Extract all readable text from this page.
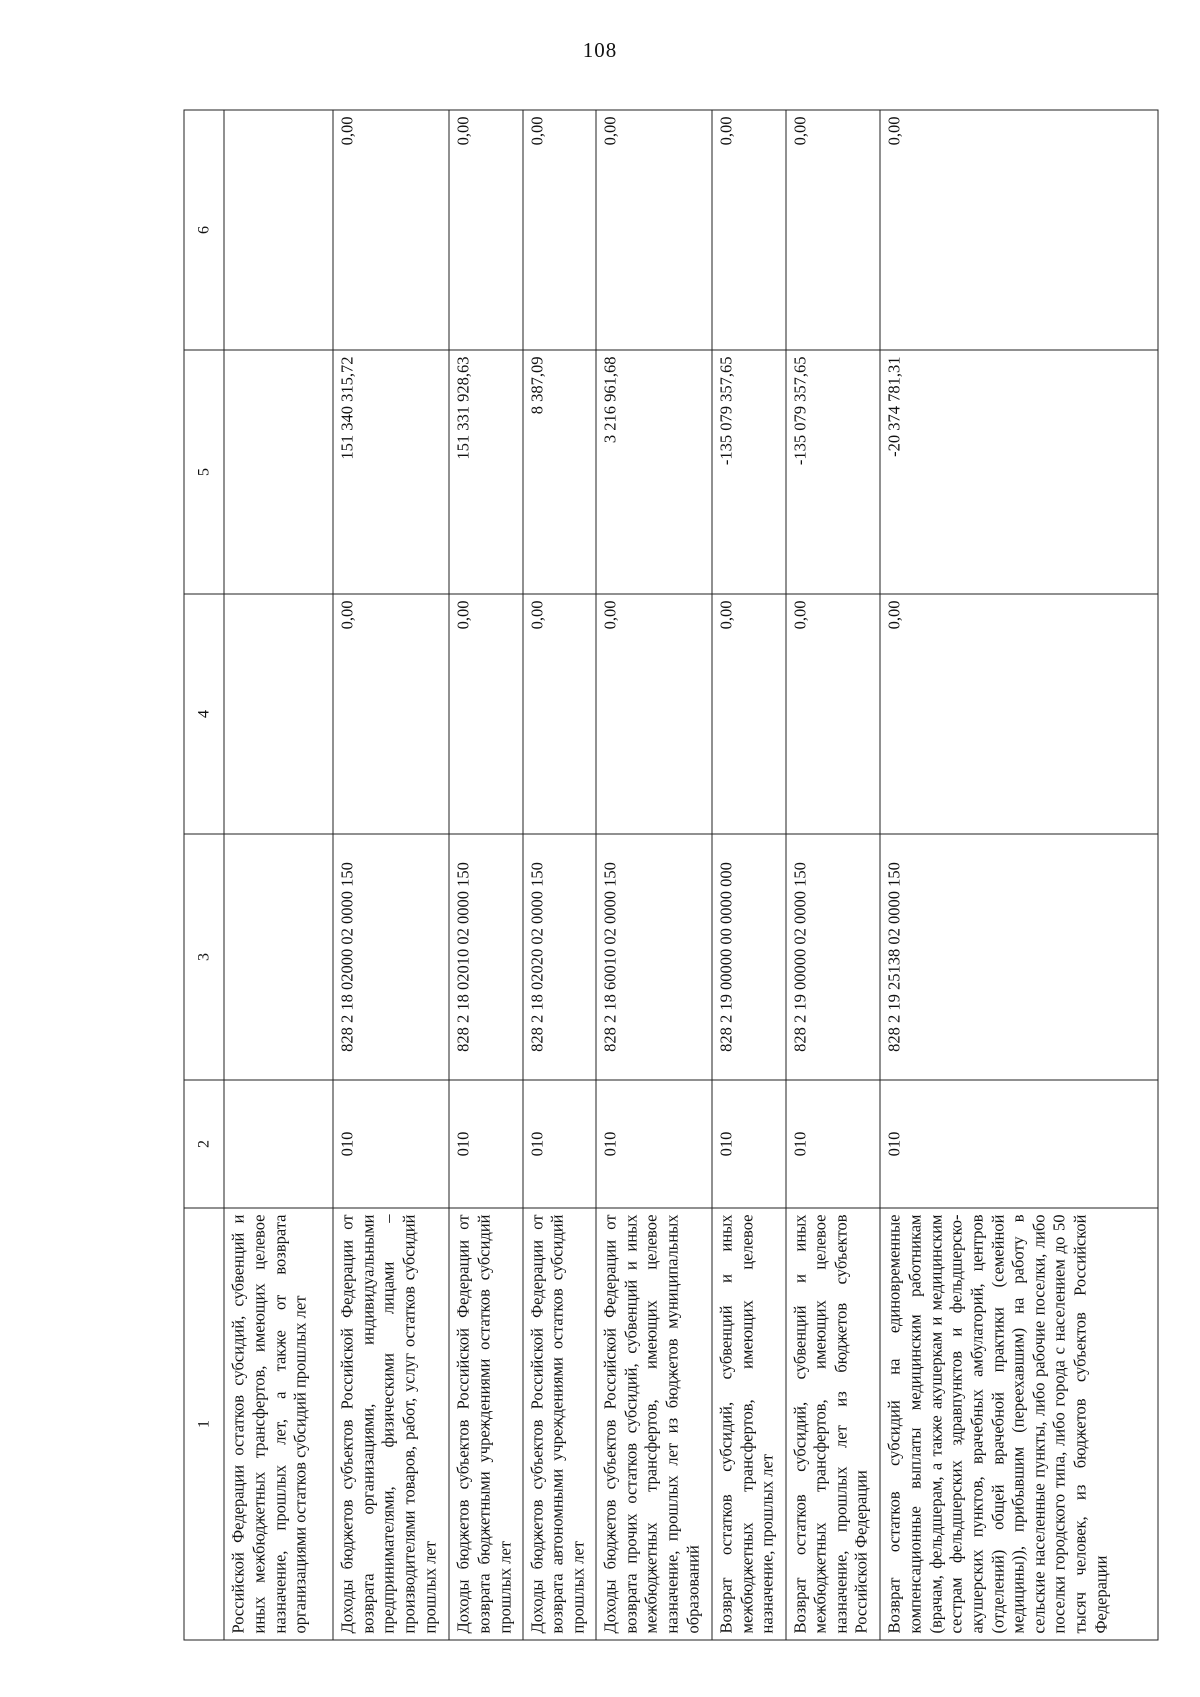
108
1	2	3	4	5	6
Российской Федерации остатков субсидий, субвенций и иных межбюджетных трансфертов, имеющих целевое назначение, прошлых лет, а также от возврата организациями остатков субсидий прошлых лет					
Доходы бюджетов субъектов Российской Федерации от возврата организациями, индивидуальными предпринимателями, физическими лицами – производителями товаров, работ, услуг остатков субсидий прошлых лет	010	828 2 18 02000 02 0000 150	0,00	151 340 315,72	0,00
Доходы бюджетов субъектов Российской Федерации от возврата бюджетными учреждениями остатков субсидий прошлых лет	010	828 2 18 02010 02 0000 150	0,00	151 331 928,63	0,00
Доходы бюджетов субъектов Российской Федерации от возврата автономными учреждениями остатков субсидий прошлых лет	010	828 2 18 02020 02 0000 150	0,00	8 387,09	0,00
Доходы бюджетов субъектов Российской Федерации от возврата прочих остатков субсидий, субвенций и иных межбюджетных трансфертов, имеющих целевое назначение, прошлых лет из бюджетов муниципальных образований	010	828 2 18 60010 02 0000 150	0,00	3 216 961,68	0,00
Возврат остатков субсидий, субвенций и иных межбюджетных трансфертов, имеющих целевое назначение, прошлых лет	010	828 2 19 00000 00 0000 000	0,00	-135 079 357,65	0,00
Возврат остатков субсидий, субвенций и иных межбюджетных трансфертов, имеющих целевое назначение, прошлых лет из бюджетов субъектов Российской Федерации	010	828 2 19 00000 02 0000 150	0,00	-135 079 357,65	0,00
Возврат остатков субсидий на единовременные компенсационные выплаты медицинским работникам (врачам, фельдшерам, а также акушеркам и медицинским сестрам фельдшерских здравпунктов и фельдшерско-акушерских пунктов, врачебных амбулаторий, центров (отделений) общей врачебной практики (семейной медицины)), прибывшим (переехавшим) на работу в сельские населенные пункты, либо рабочие поселки, либо поселки городского типа, либо города с населением до 50 тысяч человек, из бюджетов субъектов Российской Федерации	010	828 2 19 25138 02 0000 150	0,00	-20 374 781,31	0,00
